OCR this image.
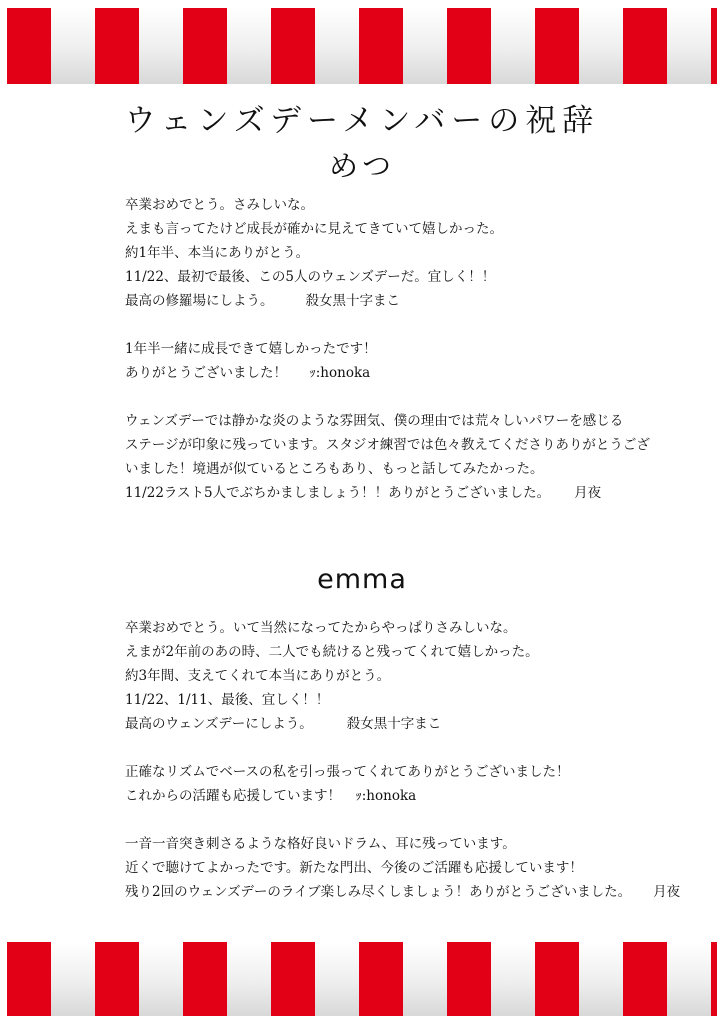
ウェンズデーメンバーの祝辞
めつ
卒業おめでとう。さみしいな。
えまも言ってたけど成長が確かに見えてきていて嬉しかった。
約1年半、本当にありがとう。
11/22、最初で最後、この5人のウェンズデーだ。宜しく！！
最高の修羅場にしよう。 殺女黒十字まこ
1年半一緒に成長できて嬉しかったです！
ありがとうございました！ ｯ:honoka
ウェンズデーでは静かな炎のような雰囲気、僕の理由では荒々しいパワーを感じる
ステージが印象に残っています。スタジオ練習では色々教えてくださりありがとうござ
いました！境遇が似ているところもあり、もっと話してみたかった。
11/22ラスト5人でぶちかましましょう！！ありがとうございました。 月夜
emma
卒業おめでとう。いて当然になってたからやっぱりさみしいな。
えまが2年前のあの時、二人でも続けると残ってくれて嬉しかった。
約3年間、支えてくれて本当にありがとう。
11/22、1/11、最後、宜しく！！
最高のウェンズデーにしよう。	殺女黒十字まこ
正確なリズムでベースの私を引っ張ってくれてありがとうございました！
これからの活躍も応援しています！ ｯ:honoka
一音一音突き刺さるような格好良いドラム、耳に残っています。
近くで聴けてよかったです。新たな門出、今後のご活躍も応援しています！
残り2回のウェンズデーのライブ楽しみ尽くしましょう！ありがとうございました。 月夜
